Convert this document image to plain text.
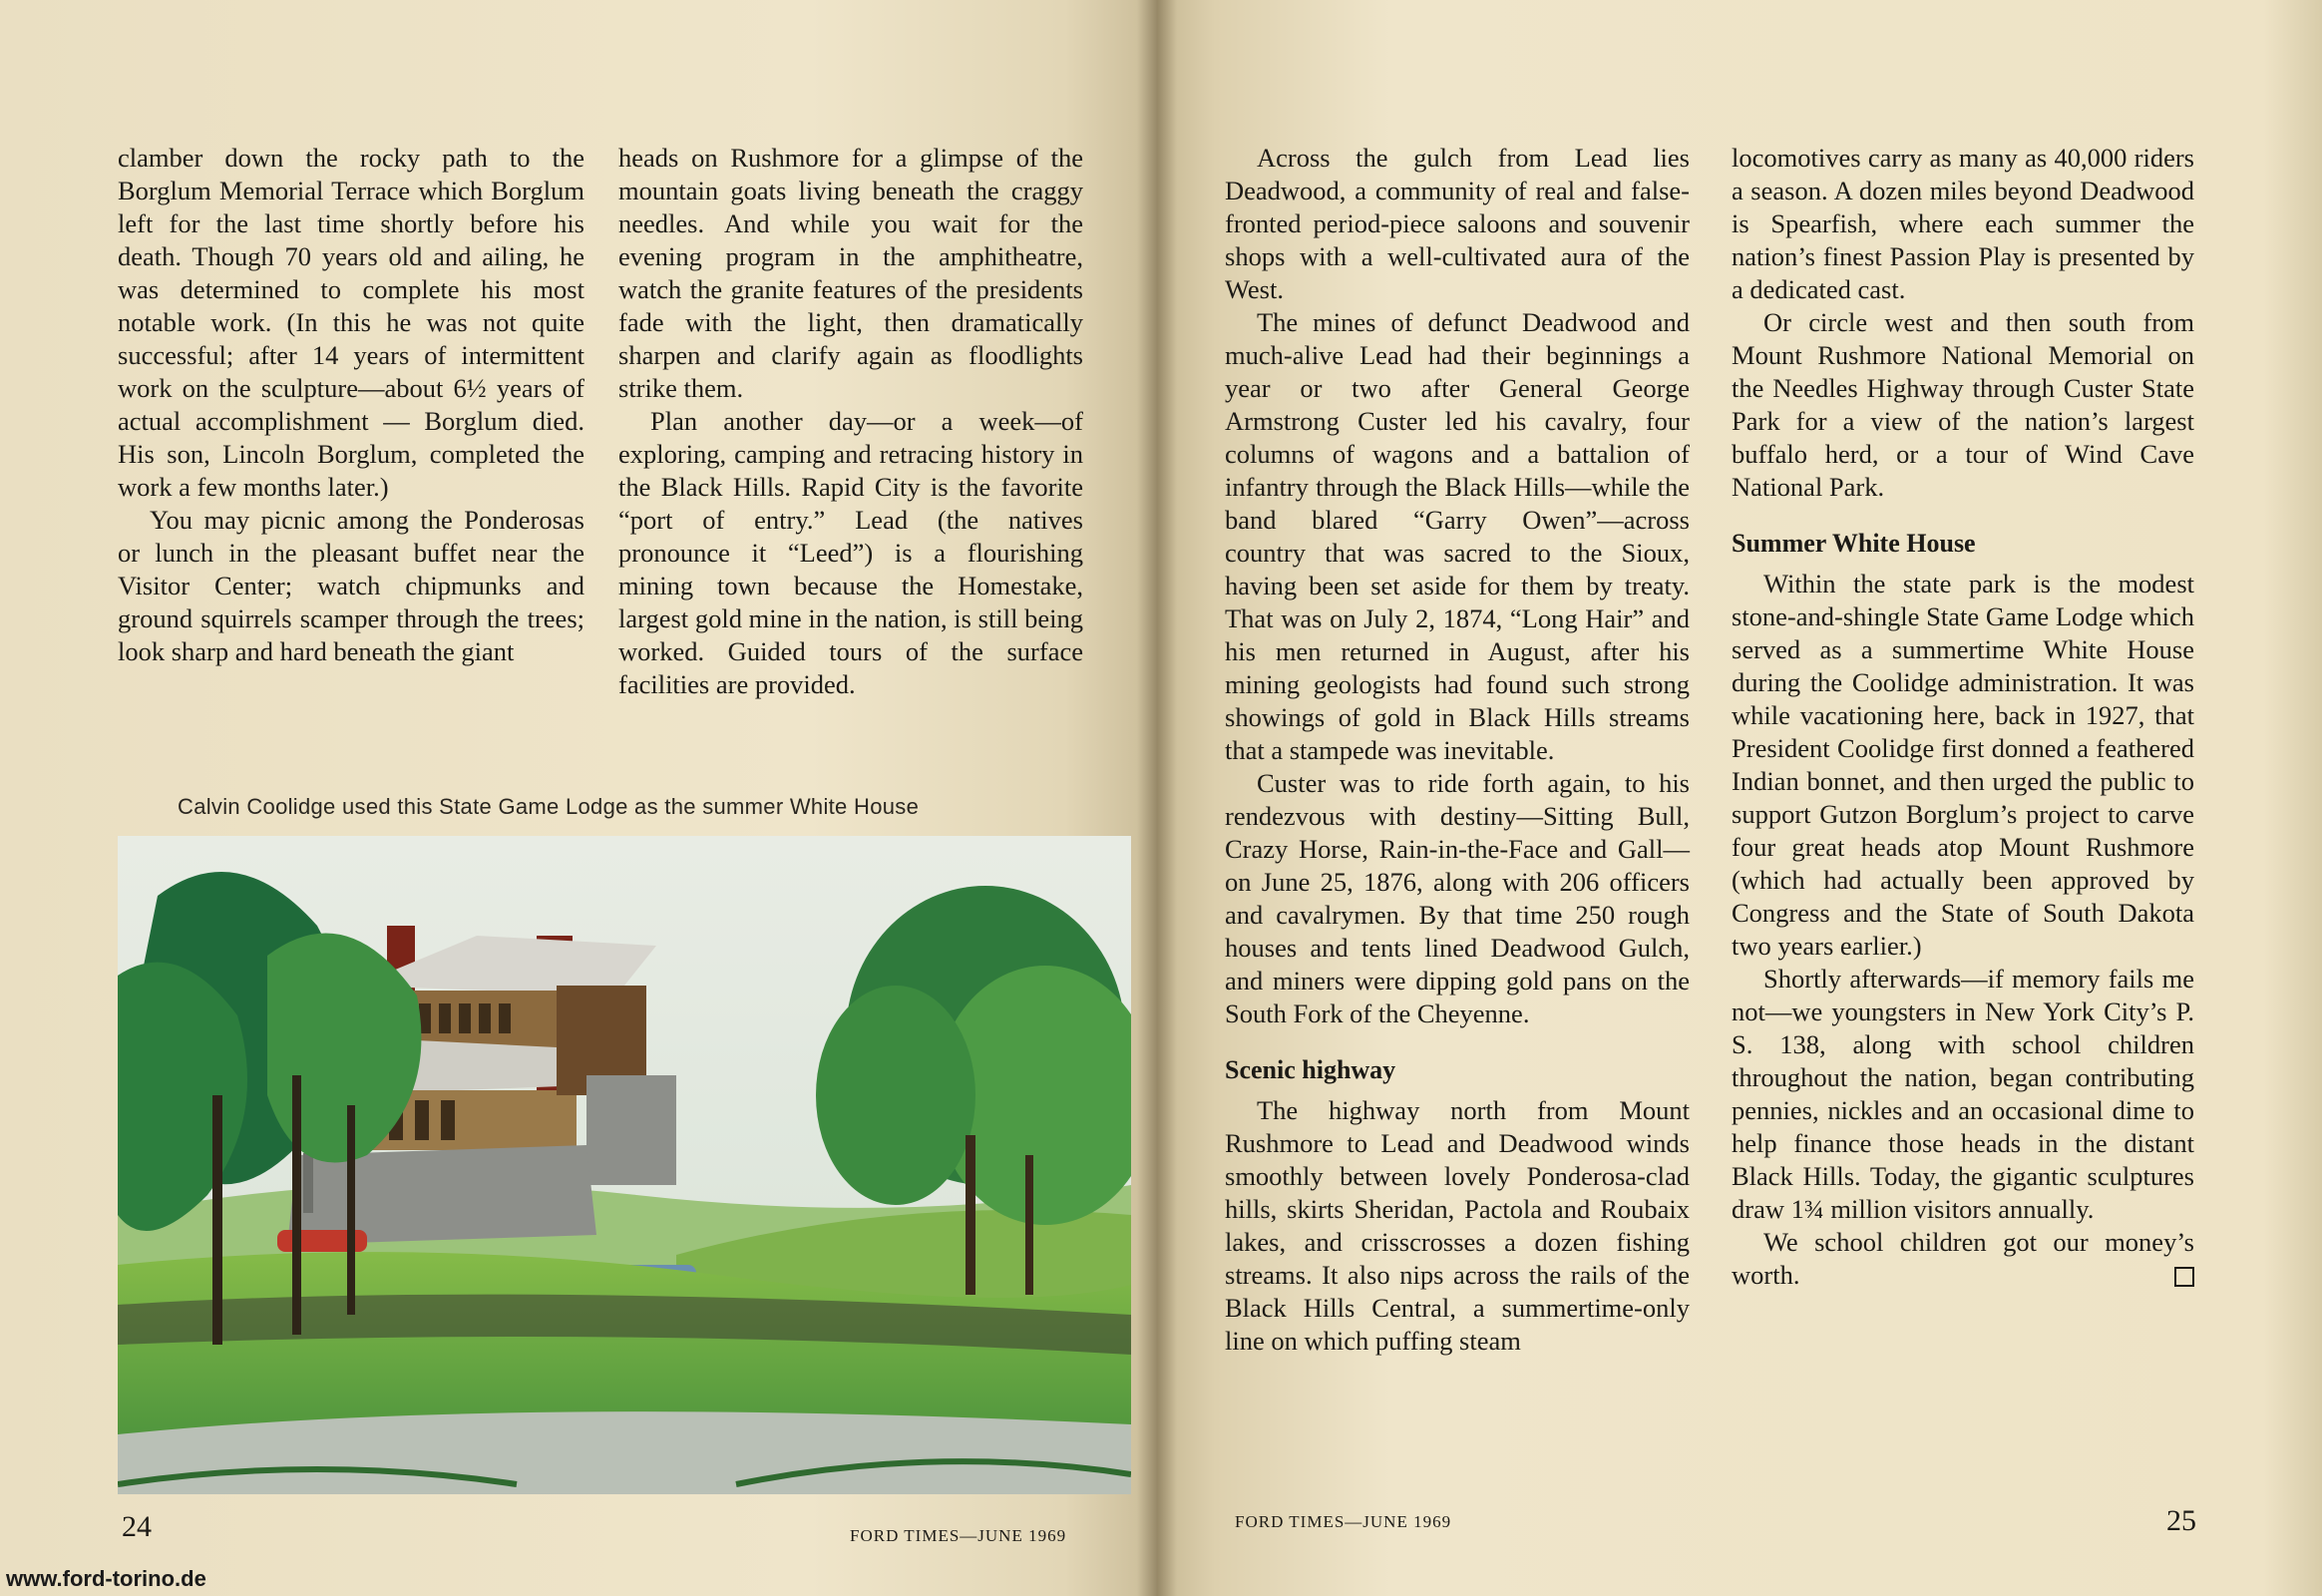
clamber down the rocky path to the Borglum Memorial Terrace which Borglum left for the last time shortly before his death. Though 70 years old and ailing, he was determined to complete his most notable work. (In this he was not quite successful; after 14 years of intermittent work on the sculpture—about 6½ years of actual accomplishment — Borglum died. His son, Lincoln Borglum, completed the work a few months later.)

You may picnic among the Ponderosas or lunch in the pleasant buffet near the Visitor Center; watch chipmunks and ground squirrels scamper through the trees; look sharp and hard beneath the giant

heads on Rushmore for a glimpse of the mountain goats living beneath the craggy needles. And while you wait for the evening program in the amphitheatre, watch the granite features of the presidents fade with the light, then dramatically sharpen and clarify again as floodlights strike them.

Plan another day—or a week—of exploring, camping and retracing history in the Black Hills. Rapid City is the favorite “port of entry.” Lead (the natives pronounce it “Leed”) is a flourishing mining town because the Homestake, largest gold mine in the nation, is still being worked. Guided tours of the surface facilities are provided.

Calvin Coolidge used this State Game Lodge as the summer White House
24	FORD TIMES—JUNE 1969
www.ford-torino.de

Across the gulch from Lead lies Deadwood, a community of real and false-fronted period-piece saloons and souvenir shops with a well-cultivated aura of the West.

The mines of defunct Deadwood and much-alive Lead had their beginnings a year or two after General George Armstrong Custer led his cavalry, four columns of wagons and a battalion of infantry through the Black Hills—while the band blared “Garry Owen”—across country that was sacred to the Sioux, having been set aside for them by treaty. That was on July 2, 1874, “Long Hair” and his men returned in August, after his mining geologists had found such strong showings of gold in Black Hills streams that a stampede was inevitable.

Custer was to ride forth again, to his rendezvous with destiny—Sitting Bull, Crazy Horse, Rain-in-the-Face and Gall—on June 25, 1876, along with 206 officers and cavalrymen. By that time 250 rough houses and tents lined Deadwood Gulch, and miners were dipping gold pans on the South Fork of the Cheyenne.

Scenic highway

The highway north from Mount Rushmore to Lead and Deadwood winds smoothly between lovely Ponderosa-clad hills, skirts Sheridan, Pactola and Roubaix lakes, and crisscrosses a dozen fishing streams. It also nips across the rails of the Black Hills Central, a summertime-only line on which puffing steam

locomotives carry as many as 40,000 riders a season. A dozen miles beyond Deadwood is Spearfish, where each summer the nation’s finest Passion Play is presented by a dedicated cast.

Or circle west and then south from Mount Rushmore National Memorial on the Needles Highway through Custer State Park for a view of the nation’s largest buffalo herd, or a tour of Wind Cave National Park.

Summer White House

Within the state park is the modest stone-and-shingle State Game Lodge which served as a summertime White House during the Coolidge administration. It was while vacationing here, back in 1927, that President Coolidge first donned a feathered Indian bonnet, and then urged the public to support Gutzon Borglum’s project to carve four great heads atop Mount Rushmore (which had actually been approved by Congress and the State of South Dakota two years earlier.)

Shortly afterwards—if memory fails me not—we youngsters in New York City’s P. S. 138, along with school children throughout the nation, began contributing pennies, nickles and an occasional dime to help finance those heads in the distant Black Hills. Today, the gigantic sculptures draw 1¾ million visitors annually.

We school children got our money’s worth.

FORD TIMES—JUNE 1969	25
